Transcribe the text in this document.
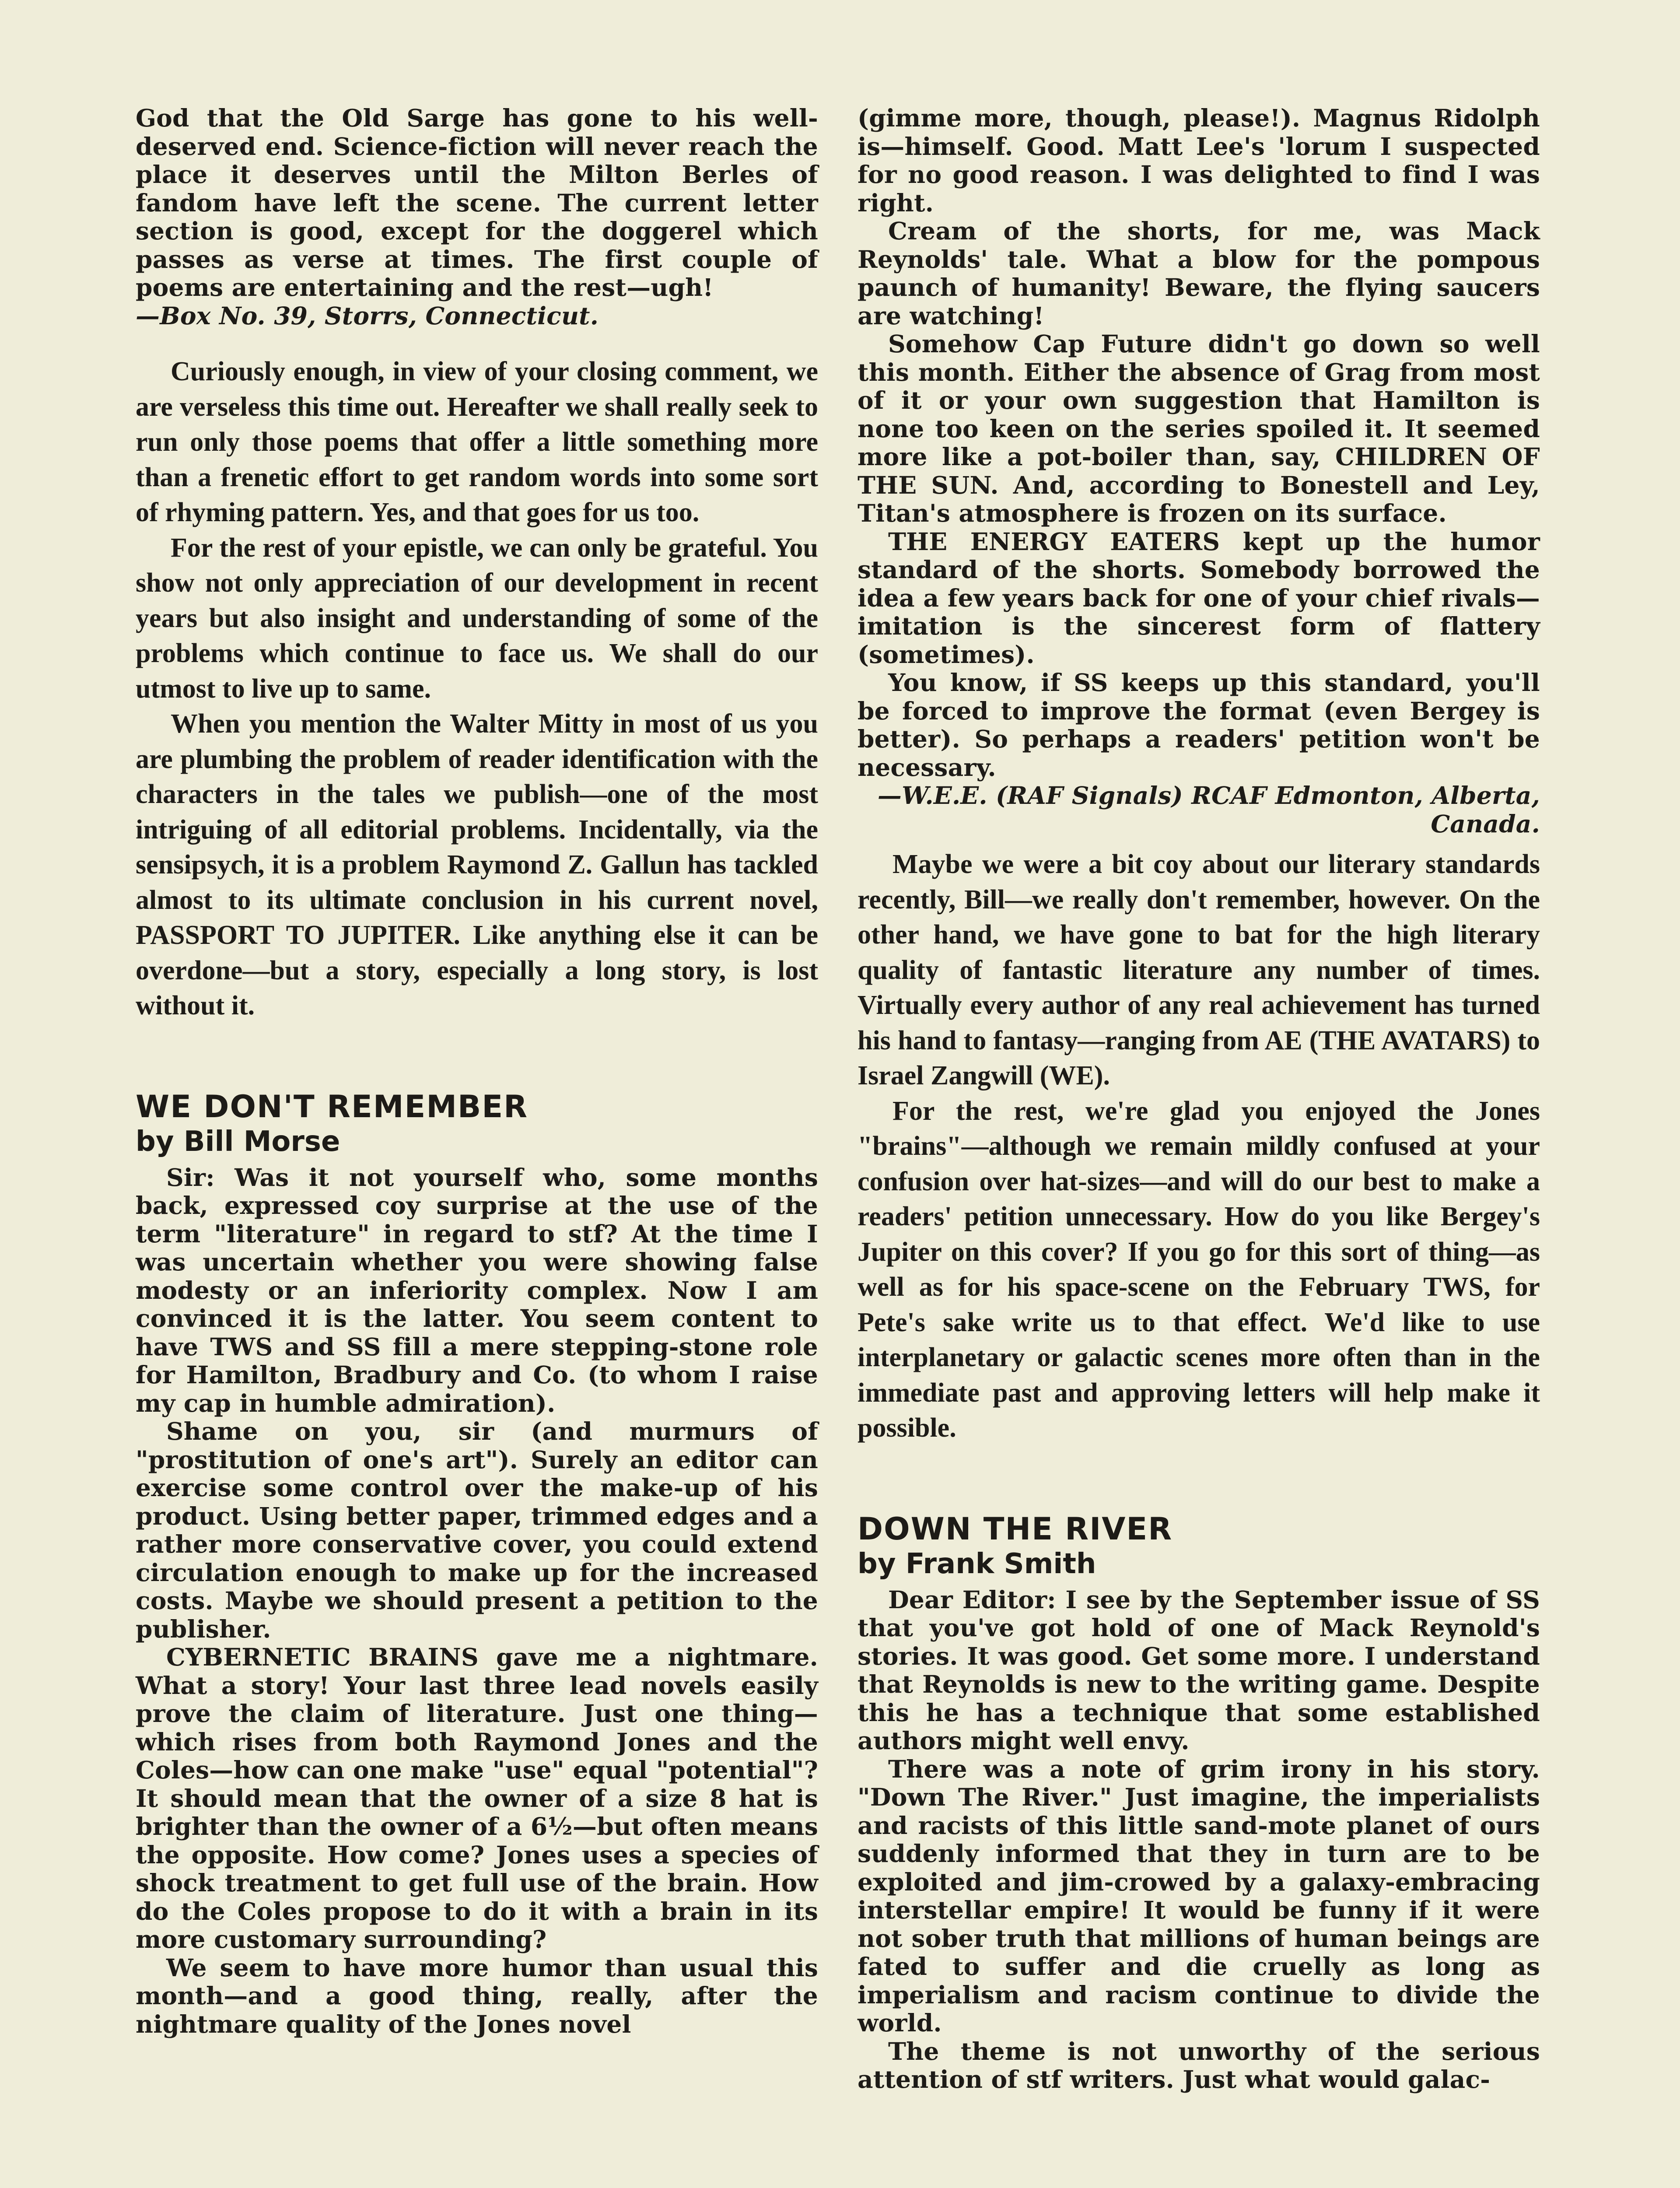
God that the Old Sarge has gone to his well-deserved end. Science-fiction will never reach the place it deserves until the Milton Berles of fandom have left the scene. The current letter section is good, except for the doggerel which passes as verse at times. The first couple of poems are entertaining and the rest—ugh!

—Box No. 39, Storrs, Connecticut.

Curiously enough, in view of your closing comment, we are verseless this time out. Hereafter we shall really seek to run only those poems that offer a little something more than a frenetic effort to get random words into some sort of rhyming pattern. Yes, and that goes for us too.

For the rest of your epistle, we can only be grateful. You show not only appreciation of our development in recent years but also insight and understanding of some of the problems which continue to face us. We shall do our utmost to live up to same.

When you mention the Walter Mitty in most of us you are plumbing the problem of reader identification with the characters in the tales we publish—one of the most intriguing of all editorial problems. Incidentally, via the sensipsych, it is a problem Raymond Z. Gallun has tackled almost to its ultimate conclusion in his current novel, PASSPORT TO JUPITER. Like anything else it can be overdone—but a story, especially a long story, is lost without it.

WE DON'T REMEMBER
by Bill Morse

Sir: Was it not yourself who, some months back, expressed coy surprise at the use of the term "literature" in regard to stf? At the time I was uncertain whether you were showing false modesty or an inferiority complex. Now I am convinced it is the latter. You seem content to have TWS and SS fill a mere stepping-stone role for Hamilton, Bradbury and Co. (to whom I raise my cap in humble admiration).

Shame on you, sir (and murmurs of "prostitution of one's art"). Surely an editor can exercise some control over the make-up of his product. Using better paper, trimmed edges and a rather more conservative cover, you could extend circulation enough to make up for the increased costs. Maybe we should present a petition to the publisher.

CYBERNETIC BRAINS gave me a nightmare. What a story! Your last three lead novels easily prove the claim of literature. Just one thing—which rises from both Raymond Jones and the Coles—how can one make "use" equal "potential"? It should mean that the owner of a size 8 hat is brighter than the owner of a 6½—but often means the opposite. How come? Jones uses a species of shock treatment to get full use of the brain. How do the Coles propose to do it with a brain in its more customary surrounding?

We seem to have more humor than usual this month—and a good thing, really, after the nightmare quality of the Jones novel

(gimme more, though, please!). Magnus Ridolph is—himself. Good. Matt Lee's 'lorum I suspected for no good reason. I was delighted to find I was right.

Cream of the shorts, for me, was Mack Reynolds' tale. What a blow for the pompous paunch of humanity! Beware, the flying saucers are watching!

Somehow Cap Future didn't go down so well this month. Either the absence of Grag from most of it or your own suggestion that Hamilton is none too keen on the series spoiled it. It seemed more like a pot-boiler than, say, CHILDREN OF THE SUN. And, according to Bonestell and Ley, Titan's atmosphere is frozen on its surface.

THE ENERGY EATERS kept up the humor standard of the shorts. Somebody borrowed the idea a few years back for one of your chief rivals—imitation is the sincerest form of flattery (sometimes).

You know, if SS keeps up this standard, you'll be forced to improve the format (even Bergey is better). So perhaps a readers' petition won't be necessary.

—W.E.E. (RAF Signals) RCAF Edmonton, Alberta, Canada.

Maybe we were a bit coy about our literary standards recently, Bill—we really don't remember, however. On the other hand, we have gone to bat for the high literary quality of fantastic literature any number of times. Virtually every author of any real achievement has turned his hand to fantasy—ranging from AE (THE AVATARS) to Israel Zangwill (WE).

For the rest, we're glad you enjoyed the Jones "brains"—although we remain mildly confused at your confusion over hat-sizes—and will do our best to make a readers' petition unnecessary. How do you like Bergey's Jupiter on this cover? If you go for this sort of thing—as well as for his space-scene on the February TWS, for Pete's sake write us to that effect. We'd like to use interplanetary or galactic scenes more often than in the immediate past and approving letters will help make it possible.

DOWN THE RIVER
by Frank Smith

Dear Editor: I see by the September issue of SS that you've got hold of one of Mack Reynold's stories. It was good. Get some more. I understand that Reynolds is new to the writing game. Despite this he has a technique that some established authors might well envy.

There was a note of grim irony in his story. "Down The River." Just imagine, the imperialists and racists of this little sand-mote planet of ours suddenly informed that they in turn are to be exploited and jim-crowed by a galaxy-embracing interstellar empire! It would be funny if it were not sober truth that millions of human beings are fated to suffer and die cruelly as long as imperialism and racism continue to divide the world.

The theme is not unworthy of the serious attention of stf writers. Just what would galac-
